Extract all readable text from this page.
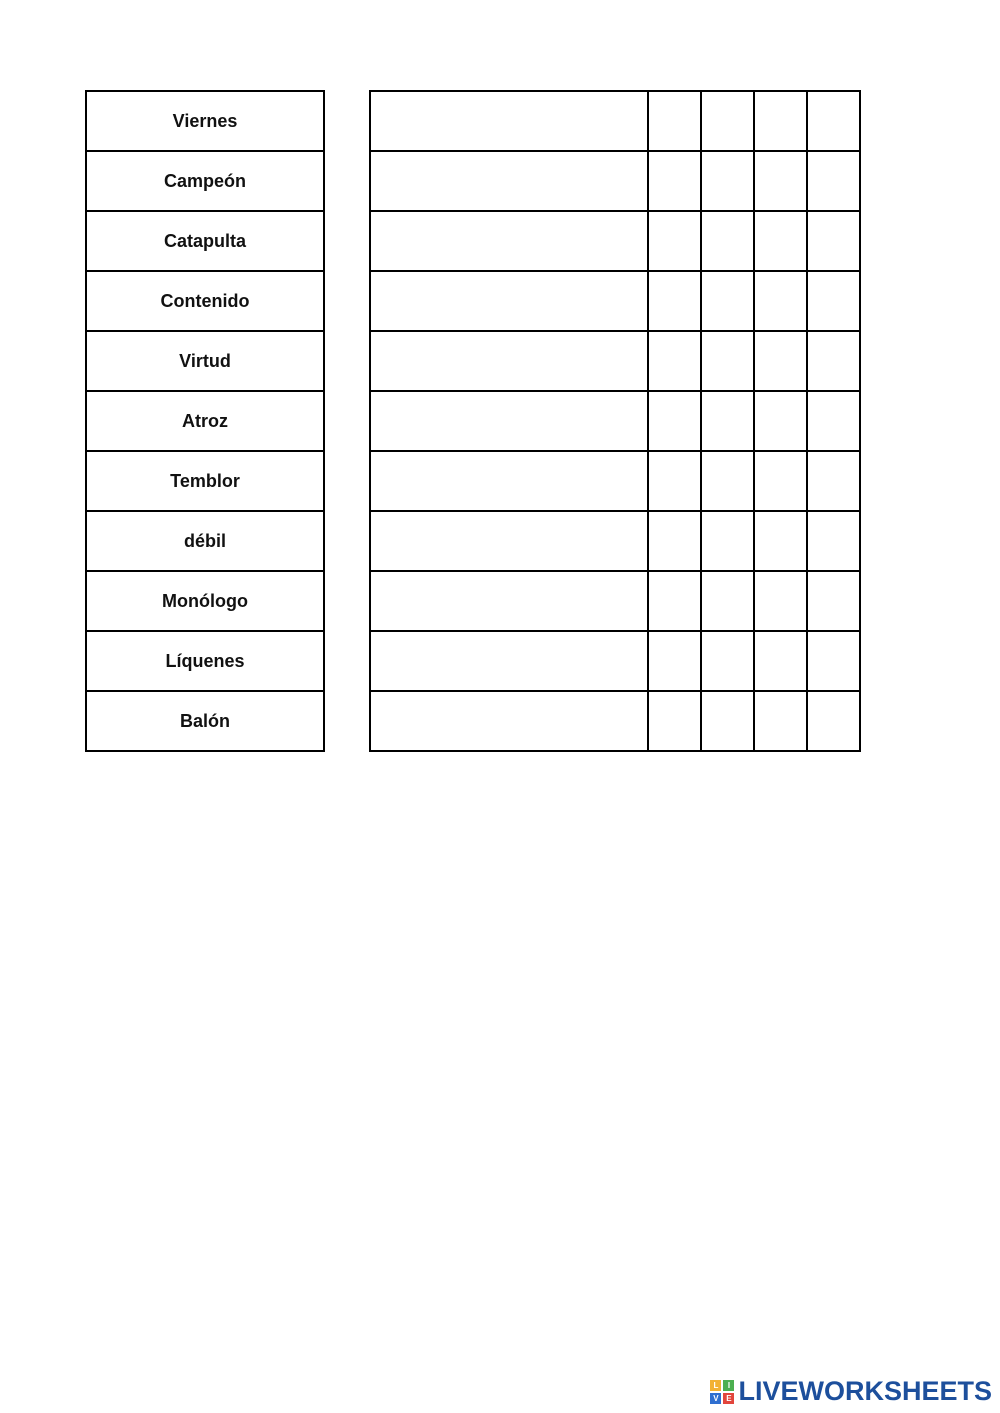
Viernes
Campeón
Catapulta
Contenido
Virtud
Atroz
Temblor
débil
Monólogo
Líquenes
Balón

L	I
V E LIVEWORKSHEETS
